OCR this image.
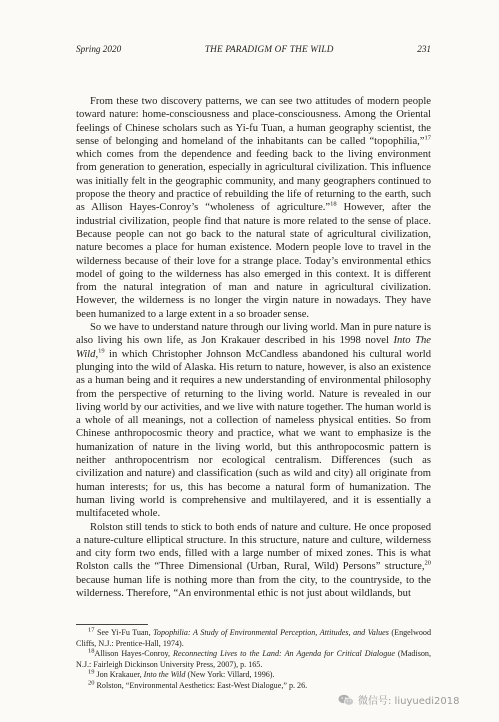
Spring 2020	THE PARADIGM OF THE WILD	231

From these two discovery patterns, we can see two attitudes of modern people toward nature: home-consciousness and place-consciousness. Among the Oriental feelings of Chinese scholars such as Yi-fu Tuan, a human geography scientist, the sense of belonging and homeland of the inhabitants can be called “topophilia,”$^{17}$ which comes from the dependence and feeding back to the living environment from generation to generation, especially in agricultural civilization. This influence was initially felt in the geographic community, and many geographers continued to propose the theory and practice of rebuilding the life of returning to the earth, such as Allison Hayes-Conroy’s “wholeness of agriculture.”$^{18}$ However, after the industrial civilization, people find that nature is more related to the sense of place. Because people can not go back to the natural state of agricultural civilization, nature becomes a place for human existence. Modern people love to travel in the wilderness because of their love for a strange place. Today’s environmental ethics model of going to the wilderness has also emerged in this context. It is different from the natural integration of man and nature in agricultural civilization. However, the wilderness is no longer the virgin nature in nowadays. They have been humanized to a large extent in a so broader sense.

So we have to understand nature through our living world. Man in pure nature is also living his own life, as Jon Krakauer described in his 1998 novel Into The Wild,$^{19}$ in which Christopher Johnson McCandless abandoned his cultural world plunging into the wild of Alaska. His return to nature, however, is also an existence as a human being and it requires a new understanding of environmental philosophy from the perspective of returning to the living world. Nature is revealed in our living world by our activities, and we live with nature together. The human world is a whole of all meanings, not a collection of nameless physical entities. So from Chinese anthropocosmic theory and practice, what we want to emphasize is the humanization of nature in the living world, but this anthropocosmic pattern is neither anthropocentrism nor ecological centralism. Differences (such as civilization and nature) and classification (such as wild and city) all originate from human interests; for us, this has become a natural form of humanization. The human living world is comprehensive and multilayered, and it is essentially a multifaceted whole.

Rolston still tends to stick to both ends of nature and culture. He once proposed a nature-culture elliptical structure. In this structure, nature and culture, wilderness and city form two ends, filled with a large number of mixed zones. This is what Rolston calls the “Three Dimensional (Urban, Rural, Wild) Persons” structure,$^{20}$ because human life is nothing more than from the city, to the countryside, to the wilderness. Therefore, “An environmental ethic is not just about wildlands, but

$^{17}$ See Yi-Fu Tuan, Topophilia: A Study of Environmental Perception, Attitudes, and Values (Engelwood Cliffs, N.J.: Prentice-Hall, 1974).

$^{18}$Allison Hayes-Conroy, Reconnecting Lives to the Land: An Agenda for Critical Dialogue (Madison, N.J.: Fairleigh Dickinson University Press, 2007), p. 165.

$^{19}$ Jon Krakauer, Into the Wild (New York: Villard, 1996).

$^{20}$ Rolston, “Environmental Aesthetics: East-West Dialogue,” p. 26.

微信号: liuyuedi2018
